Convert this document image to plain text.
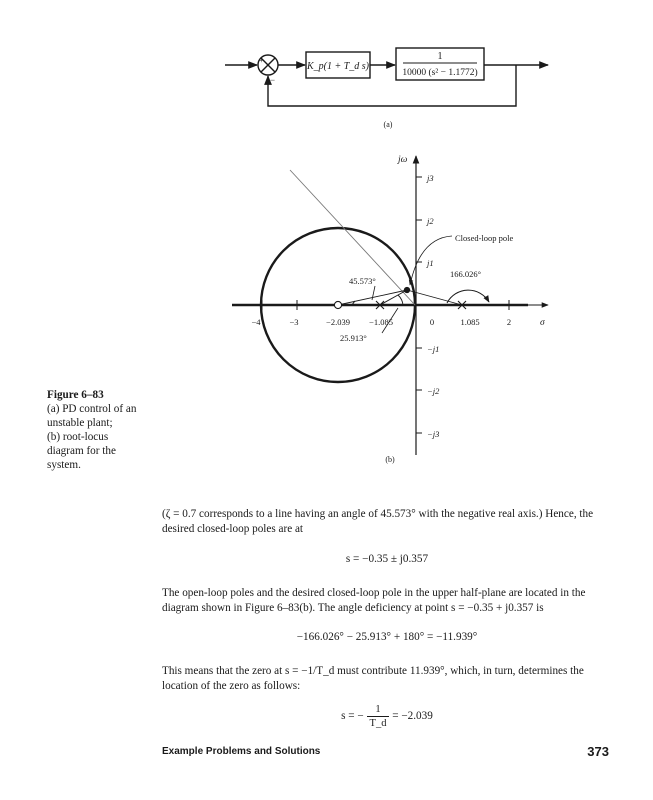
+
−
K_p(1 + T_d s)
1
10000 (s² − 1.1772)
(a)
jω
σ
j3
j2
j1
−j1
−j2
−j3
−4	−3	−2.039 −1.085	0	1.085	2
45.573°
25.913°
166.026°
Closed-loop pole
(b)
Figure 6–83
(a) PD control of an
unstable plant;
(b) root-locus
diagram for the
system.
(ζ = 0.7 corresponds to a line having an angle of 45.573° with the negative real axis.) Hence, the desired closed-loop poles are at
s = −0.35 ± j0.357
The open-loop poles and the desired closed-loop pole in the upper half-plane are located in the diagram shown in Figure 6–83(b). The angle deficiency at point s = −0.35 + j0.357 is
−166.026° − 25.913° + 180° = −11.939°
This means that the zero at s = −1/T_d must contribute 11.939°, which, in turn, determines the location of the zero as follows:
s = − $\frac{1}{T\_d} = -2.039$
Example Problems and Solutions	373
